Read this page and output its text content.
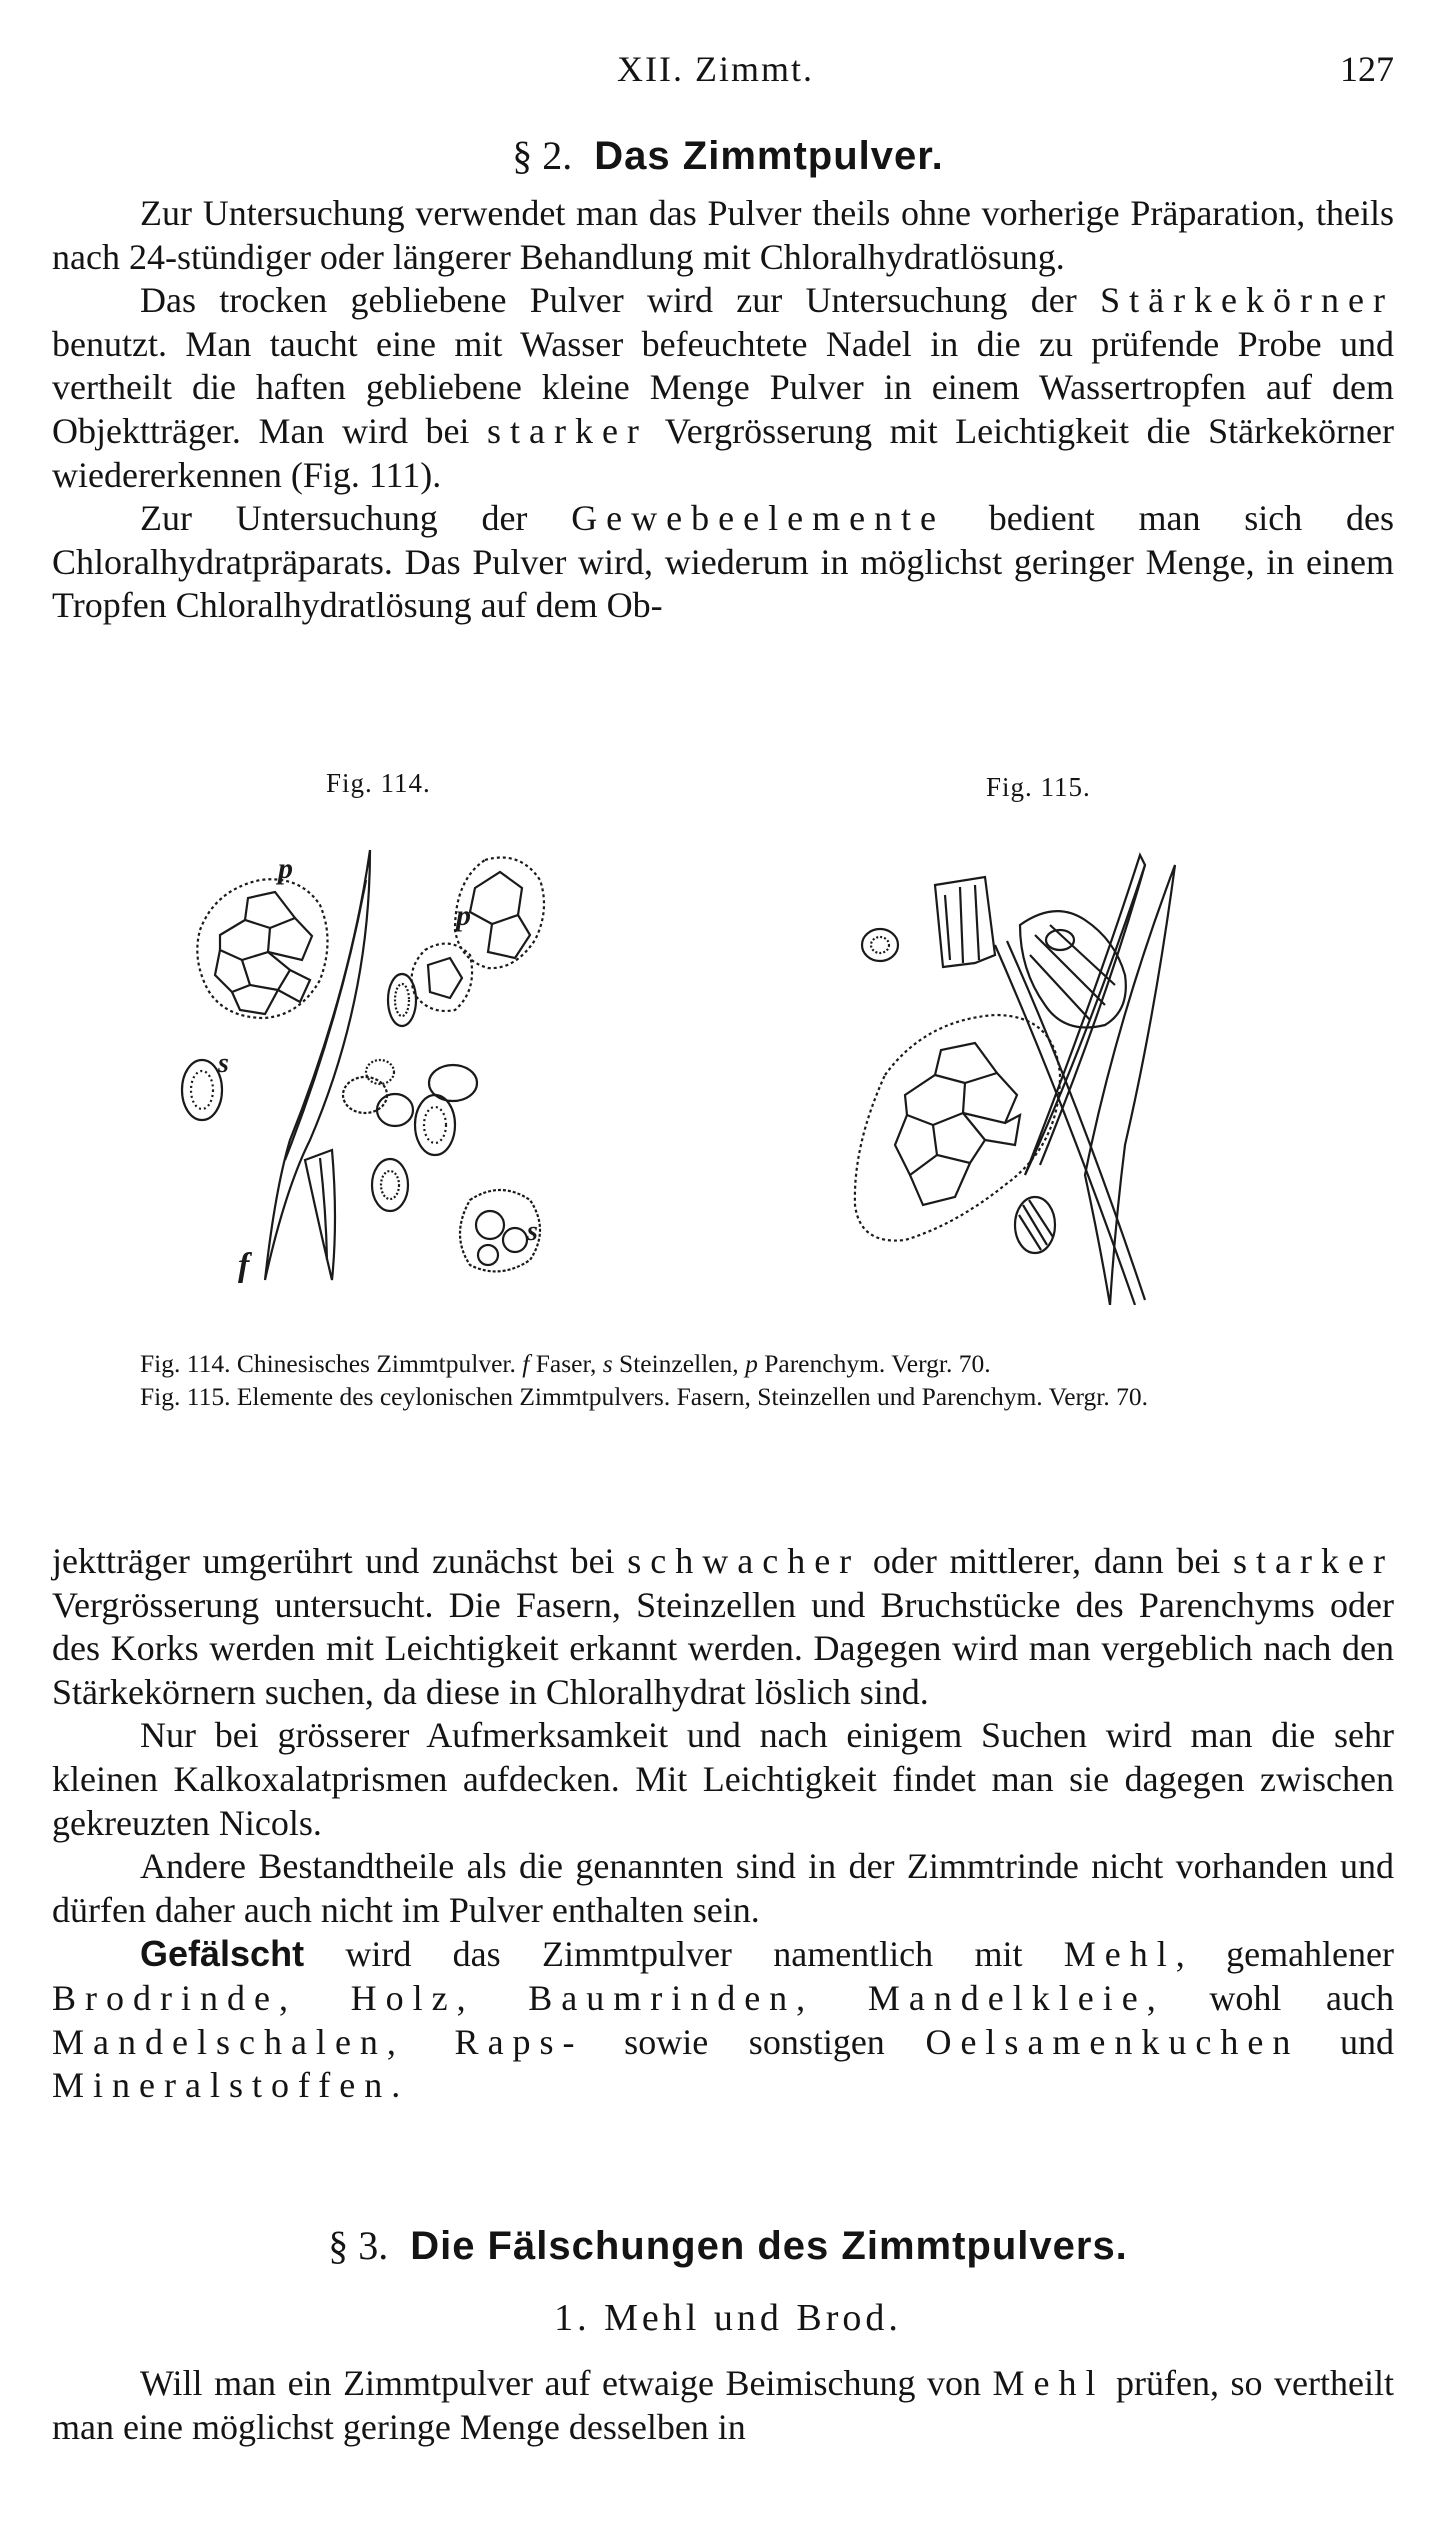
XII. Zimmt.	127
§ 2. Das Zimmtpulver.

Zur Untersuchung verwendet man das Pulver theils ohne vorherige Präparation, theils nach 24-stündiger oder längerer Behandlung mit Chloralhydratlösung.

Das trocken gebliebene Pulver wird zur Untersuchung der Stärkekörner benutzt. Man taucht eine mit Wasser befeuchtete Nadel in die zu prüfende Probe und vertheilt die haften gebliebene kleine Menge Pulver in einem Wassertropfen auf dem Objektträger. Man wird bei starker Vergrösserung mit Leichtigkeit die Stärkekörner wiedererkennen (Fig. 111).

Zur Untersuchung der Gewebeelemente bedient man sich des Chloralhydratpräparats. Das Pulver wird, wiederum in möglichst geringer Menge, in einem Tropfen Chloralhydratlösung auf dem Ob-

Fig. 114.	Fig. 115.
p
p
s
s
f

Fig. 114. Chinesisches Zimmtpulver. f Faser, s Steinzellen, p Parenchym. Vergr. 70.

Fig. 115. Elemente des ceylonischen Zimmtpulvers. Fasern, Steinzellen und Parenchym. Vergr. 70.

jektträger umgerührt und zunächst bei schwacher oder mittlerer, dann bei starker Vergrösserung untersucht. Die Fasern, Steinzellen und Bruchstücke des Parenchyms oder des Korks werden mit Leichtigkeit erkannt werden. Dagegen wird man vergeblich nach den Stärkekörnern suchen, da diese in Chloralhydrat löslich sind.

Nur bei grösserer Aufmerksamkeit und nach einigem Suchen wird man die sehr kleinen Kalkoxalatprismen aufdecken. Mit Leichtigkeit findet man sie dagegen zwischen gekreuzten Nicols.

Andere Bestandtheile als die genannten sind in der Zimmtrinde nicht vorhanden und dürfen daher auch nicht im Pulver enthalten sein.

Gefälscht wird das Zimmtpulver namentlich mit Mehl, gemahlener Brodrinde, Holz, Baumrinden, Mandelkleie, wohl auch Mandelschalen, Raps- sowie sonstigen Oelsamenkuchen und Mineralstoffen.

§ 3. Die Fälschungen des Zimmtpulvers.
1. Mehl und Brod.

Will man ein Zimmtpulver auf etwaige Beimischung von Mehl prüfen, so vertheilt man eine möglichst geringe Menge desselben in
